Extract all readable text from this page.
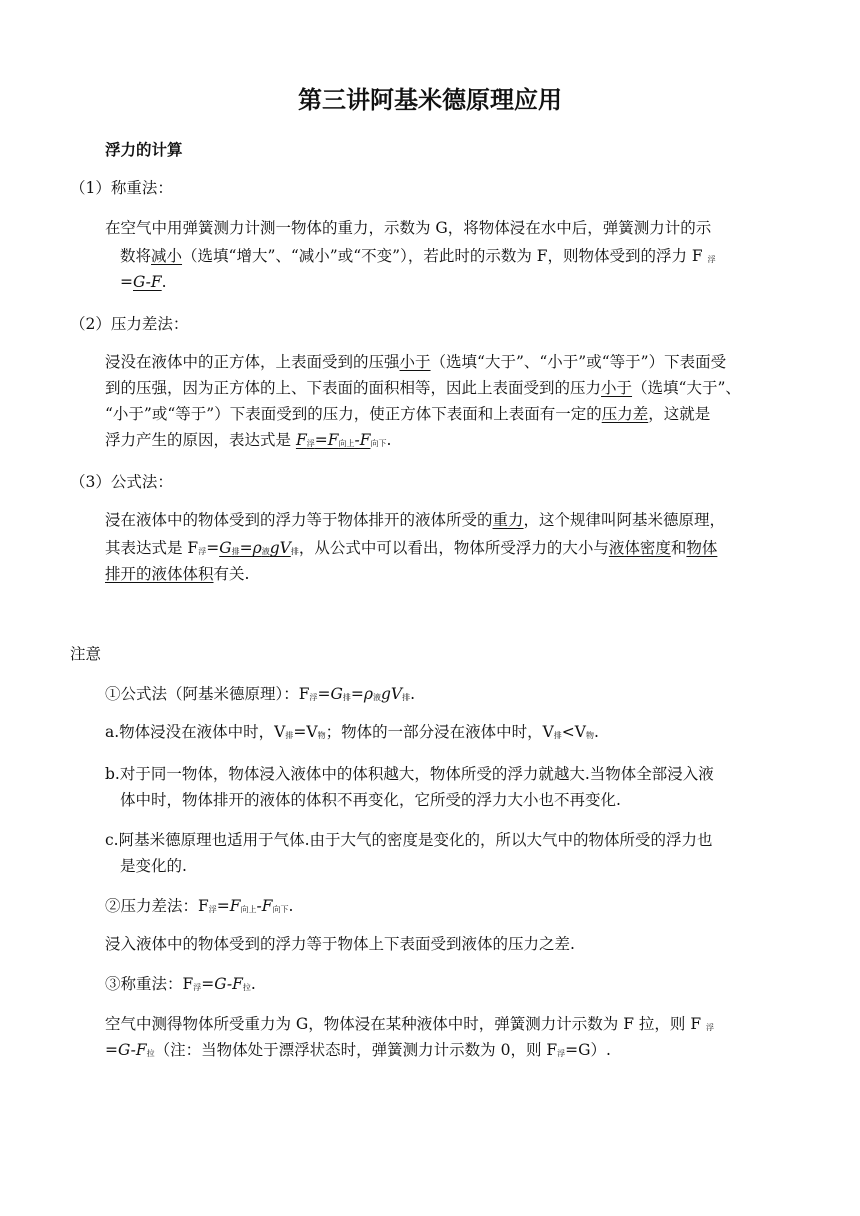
第三讲阿基米德原理应用
浮力的计算
（1）称重法：
在空气中用弹簧测力计测一物体的重力，示数为 G，将物体浸在水中后，弹簧测力计的示
数将减小（选填“增大”、“减小”或“不变”），若此时的示数为 F，则物体受到的浮力 F 浮
=G-F.
（2）压力差法：
浸没在液体中的正方体，上表面受到的压强小于（选填“大于”、“小于”或“等于”）下表面受
到的压强，因为正方体的上、下表面的面积相等，因此上表面受到的压力小于（选填“大于”、
“小于”或“等于”）下表面受到的压力，使正方体下表面和上表面有一定的压力差，这就是
浮力产生的原因，表达式是 F浮=F向上-F向下.
（3）公式法：
浸在液体中的物体受到的浮力等于物体排开的液体所受的重力，这个规律叫阿基米德原理，
其表达式是 F浮=G排=ρ液gV排，从公式中可以看出，物体所受浮力的大小与液体密度和物体
排开的液体体积有关.
注意
①公式法（阿基米德原理）：F浮=G排=ρ液gV排.
a.物体浸没在液体中时，V排=V物；物体的一部分浸在液体中时，V排<V物.
b.对于同一物体，物体浸入液体中的体积越大，物体所受的浮力就越大.当物体全部浸入液
体中时，物体排开的液体的体积不再变化，它所受的浮力大小也不再变化.
c.阿基米德原理也适用于气体.由于大气的密度是变化的，所以大气中的物体所受的浮力也
是变化的.
②压力差法：F浮=F向上-F向下.
浸入液体中的物体受到的浮力等于物体上下表面受到液体的压力之差.
③称重法：F浮=G-F拉.
空气中测得物体所受重力为 G，物体浸在某种液体中时，弹簧测力计示数为 F 拉，则 F 浮
=G-F拉（注：当物体处于漂浮状态时，弹簧测力计示数为 0，则 F浮=G）.
